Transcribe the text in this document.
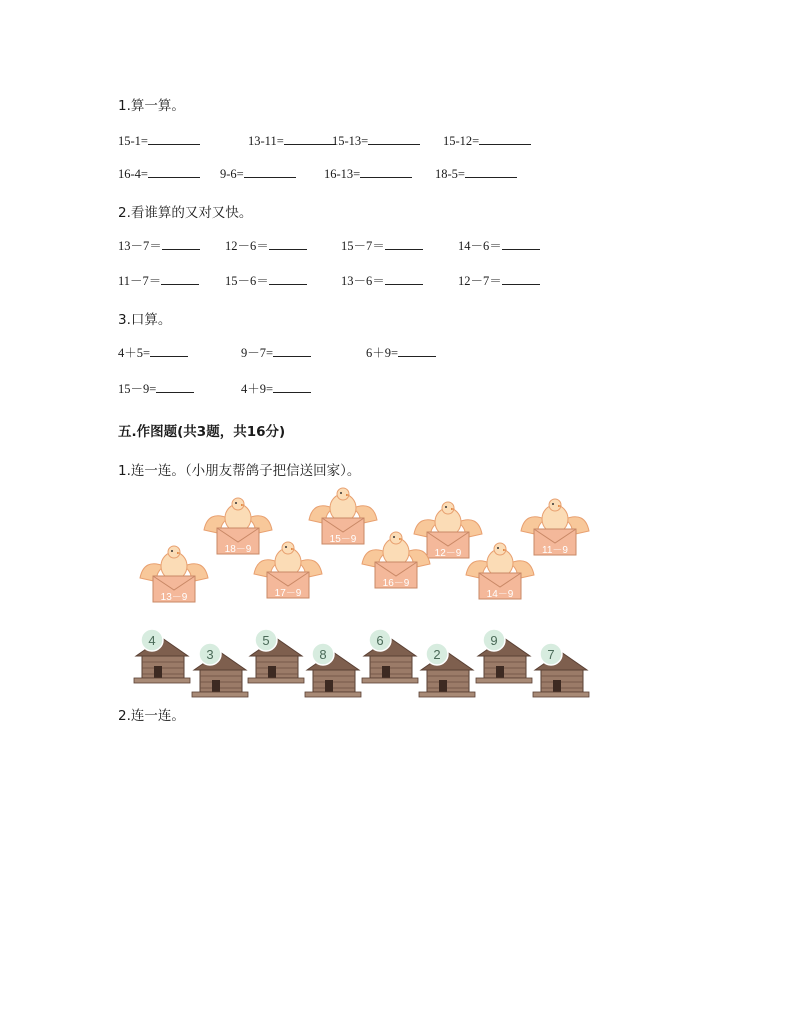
1.算一算。
15-1=	13-11=	15-13=	15-12=
16-4=	9-6=	16-13=	18-5=
2.看谁算的又对又快。
13－7＝	12－6＝	15－7＝	14－6＝
11－7＝	15－6＝	13－6＝	12－7＝
3.口算。
4＋5=	9－7=	6＋9=
15－9=	4＋9=
五.作图题(共3题，共16分)
1.连一连。（小朋友帮鸽子把信送回家）。
18－9
15－9
12－9	11－9
13－9	17－9
16－9
14－9
4
3
5
8
6
2
9
7
2.连一连。
